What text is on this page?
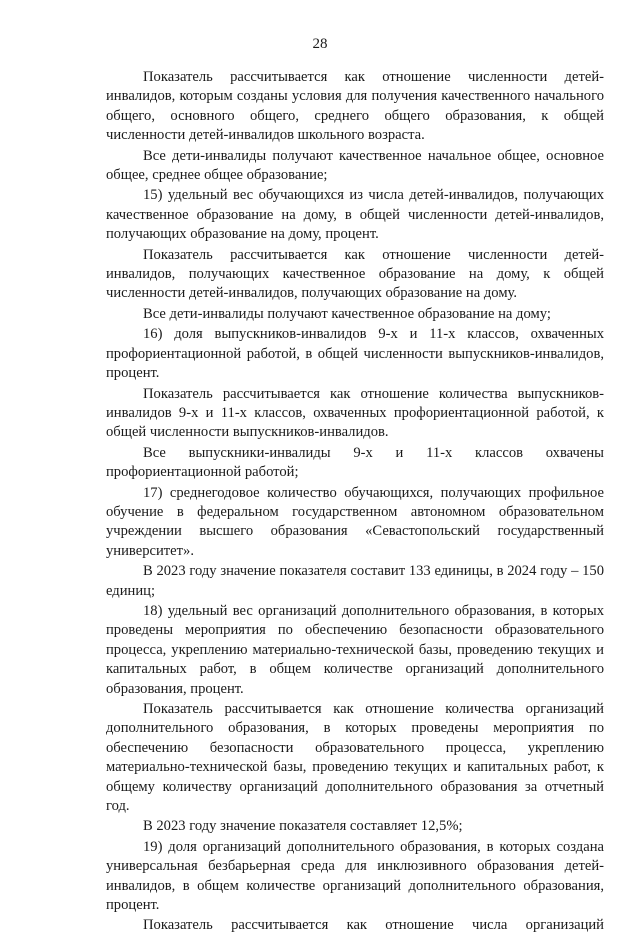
28

Показатель рассчитывается как отношение численности детей-инвалидов, которым созданы условия для получения качественного начального общего, основного общего, среднего общего образования, к общей численности детей-инвалидов школьного возраста.

Все дети-инвалиды получают качественное начальное общее, основное общее, среднее общее образование;

15) удельный вес обучающихся из числа детей-инвалидов, получающих качественное образование на дому, в общей численности детей-инвалидов, получающих образование на дому, процент.

Показатель рассчитывается как отношение численности детей-инвалидов, получающих качественное образование на дому, к общей численности детей-инвалидов, получающих образование на дому.

Все дети-инвалиды получают качественное образование на дому;

16) доля выпускников-инвалидов 9-х и 11-х классов, охваченных профориентационной работой, в общей численности выпускников-инвалидов, процент.

Показатель рассчитывается как отношение количества выпускников-инвалидов 9-х и 11-х классов, охваченных профориентационной работой, к общей численности выпускников-инвалидов.

Все выпускники-инвалиды 9-х и 11-х классов охвачены профориентационной работой;

17) среднегодовое количество обучающихся, получающих профильное обучение в федеральном государственном автономном образовательном учреждении высшего образования «Севастопольский государственный университет».

В 2023 году значение показателя составит 133 единицы, в 2024 году – 150 единиц;

18) удельный вес организаций дополнительного образования, в которых проведены мероприятия по обеспечению безопасности образовательного процесса, укреплению материально-технической базы, проведению текущих и капитальных работ, в общем количестве организаций дополнительного образования, процент.

Показатель рассчитывается как отношение количества организаций дополнительного образования, в которых проведены мероприятия по обеспечению безопасности образовательного процесса, укреплению материально-технической базы, проведению текущих и капитальных работ, к общему количеству организаций дополнительного образования за отчетный год.

В 2023 году значение показателя составляет 12,5%;

19) доля организаций дополнительного образования, в которых создана универсальная безбарьерная среда для инклюзивного образования детей-инвалидов, в общем количестве организаций дополнительного образования, процент.

Показатель рассчитывается как отношение числа организаций
